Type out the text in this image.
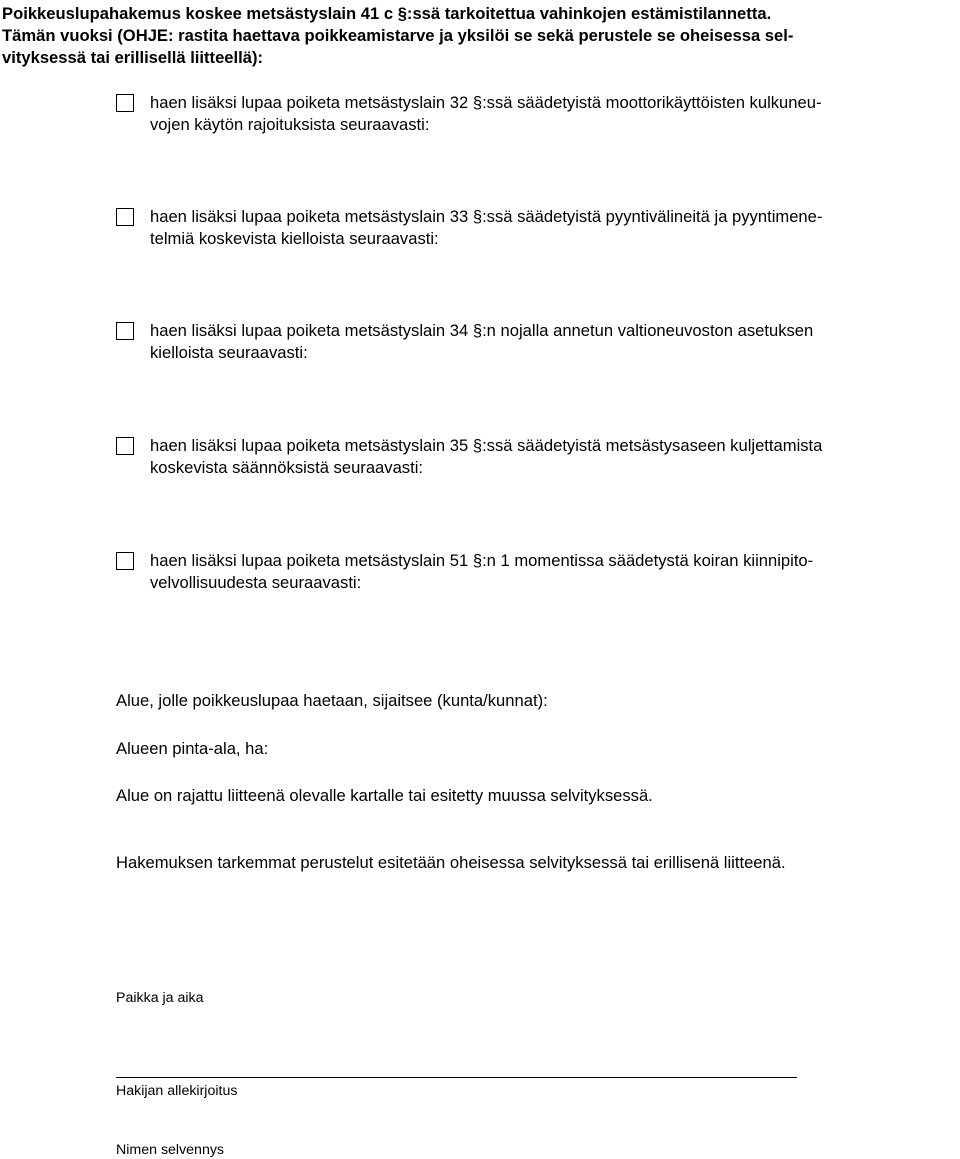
Poikkeuslupahakemus koskee metsästyslain 41 c §:ssä tarkoitettua vahinkojen estämistilannetta.

Tämän vuoksi (OHJE: rastita haettava poikkeamistarve ja yksilöi se sekä perustele se oheisessa sel-

vityksessä tai erillisellä liitteellä):

haen lisäksi lupaa poiketa metsästyslain 32 §:ssä säädetyistä moottorikäyttöisten kulkuneu-
vojen käytön rajoituksista seuraavasti:
haen lisäksi lupaa poiketa metsästyslain 33 §:ssä säädetyistä pyyntivälineitä ja pyyntimene-
telmiä koskevista kielloista seuraavasti:
haen lisäksi lupaa poiketa metsästyslain 34 §:n nojalla annetun valtioneuvoston asetuksen
kielloista seuraavasti:
haen lisäksi lupaa poiketa metsästyslain 35 §:ssä säädetyistä metsästysaseen kuljettamista
koskevista säännöksistä seuraavasti:
haen lisäksi lupaa poiketa metsästyslain 51 §:n 1 momentissa säädetystä koiran kiinnipito-
velvollisuudesta seuraavasti:
Alue, jolle poikkeuslupaa haetaan, sijaitsee (kunta/kunnat):
Alueen pinta-ala, ha:
Alue on rajattu liitteenä olevalle kartalle tai esitetty muussa selvityksessä.
Hakemuksen tarkemmat perustelut esitetään oheisessa selvityksessä tai erillisenä liitteenä.
Paikka ja aika
Hakijan allekirjoitus
Nimen selvennys
